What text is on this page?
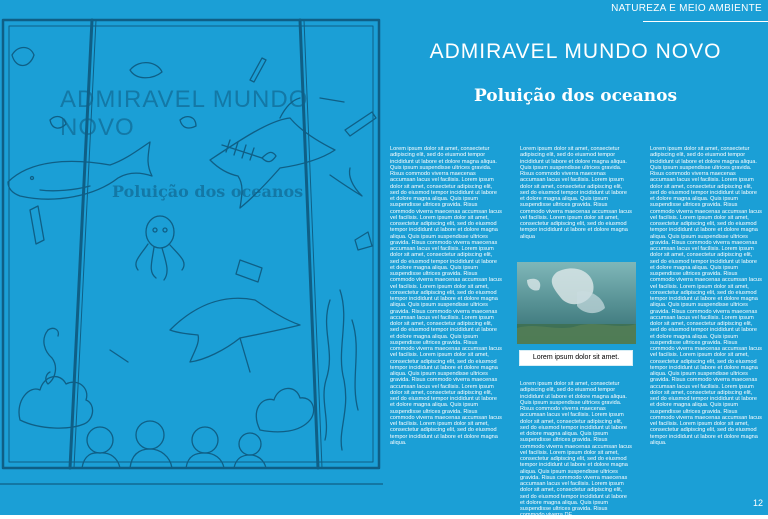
ADMIRAVEL MUNDO NOVO
Poluição dos oceanos
NATUREZA E MEIO AMBIENTE
ADMIRAVEL MUNDO NOVO
Poluição dos oceanos
Lorem ipsum dolor sit amet, consectetur adipiscing elit, sed do eiusmod tempor incididunt ut labore et dolore magna aliqua. Quis ipsum suspendisse ultrices gravida. Risus commodo viverra maecenas accumsan lacus vel facilisis. Lorem ipsum dolor sit amet, consectetur adipiscing elit, sed do eiusmod tempor incididunt ut labore et dolore magna aliqua. Quis ipsum suspendisse ultrices gravida. Risus commodo viverra maecenas accumsan lacus vel facilisis. Lorem ipsum dolor sit amet, consectetur adipiscing elit, sed do eiusmod tempor incididunt ut labore et dolore magna aliqua. Quis ipsum suspendisse ultrices gravida. Risus commodo viverra maecenas accumsan lacus vel facilisis. Lorem ipsum dolor sit amet, consectetur adipiscing elit, sed do eiusmod tempor incididunt ut labore et dolore magna aliqua. Quis ipsum suspendisse ultrices gravida. Risus commodo viverra maecenas accumsan lacus vel facilisis. Lorem ipsum dolor sit amet, consectetur adipiscing elit, sed do eiusmod tempor incididunt ut labore et dolore magna aliqua. Quis ipsum suspendisse ultrices gravida. Risus commodo viverra maecenas accumsan lacus vel facilisis. Lorem ipsum dolor sit amet, consectetur adipiscing elit, sed do eiusmod tempor incididunt ut labore et dolore magna aliqua. Quis ipsum suspendisse ultrices gravida. Risus commodo viverra maecenas accumsan lacus vel facilisis. Lorem ipsum dolor sit amet, consectetur adipiscing elit, sed do eiusmod tempor incididunt ut labore et dolore magna aliqua. Quis ipsum suspendisse ultrices gravida. Risus commodo viverra maecenas accumsan lacus vel facilisis. Lorem ipsum dolor sit amet, consectetur adipiscing elit, sed do eiusmod tempor incididunt ut labore et dolore magna aliqua. Quis ipsum suspendisse ultrices gravida. Risus commodo viverra maecenas accumsan lacus vel facilisis. Lorem ipsum dolor sit amet, consectetur adipiscing elit, sed do eiusmod tempor incididunt ut labore et dolore magna aliqua.
Lorem ipsum dolor sit amet, consectetur adipiscing elit, sed do eiusmod tempor incididunt ut labore et dolore magna aliqua. Quis ipsum suspendisse ultrices gravida. Risus commodo viverra maecenas accumsan lacus vel facilisis. Lorem ipsum dolor sit amet, consectetur adipiscing elit, sed do eiusmod tempor incididunt ut labore et dolore magna aliqua. Quis ipsum suspendisse ultrices gravida. Risus commodo viverra maecenas accumsan lacus vel facilisis. Lorem ipsum dolor sit amet, consectetur adipiscing elit, sed do eiusmod tempor incididunt ut labore et dolore magna aliqua
Lorem ipsum dolor sit amet.
Lorem ipsum dolor sit amet, consectetur adipiscing elit, sed do eiusmod tempor incididunt ut labore et dolore magna aliqua. Quis ipsum suspendisse ultrices gravida. Risus commodo viverra maecenas accumsan lacus vel facilisis. Lorem ipsum dolor sit amet, consectetur adipiscing elit, sed do eiusmod tempor incididunt ut labore et dolore magna aliqua. Quis ipsum suspendisse ultrices gravida. Risus commodo viverra maecenas accumsan lacus vel facilisis. Lorem ipsum dolor sit amet, consectetur adipiscing elit, sed do eiusmod tempor incididunt ut labore et dolore magna aliqua. Quis ipsum suspendisse ultrices gravida. Risus commodo viverra maecenas accumsan lacus vel facilisis. Lorem ipsum dolor sit amet, consectetur adipiscing elit, sed do eiusmod tempor incididunt ut labore et dolore magna aliqua. Quis ipsum suspendisse ultrices gravida. Risus commodo viverra DE.
Lorem ipsum dolor sit amet, consectetur adipiscing elit, sed do eiusmod tempor incididunt ut labore et dolore magna aliqua. Quis ipsum suspendisse ultrices gravida. Risus commodo viverra maecenas accumsan lacus vel facilisis. Lorem ipsum dolor sit amet, consectetur adipiscing elit, sed do eiusmod tempor incididunt ut labore et dolore magna aliqua. Quis ipsum suspendisse ultrices gravida. Risus commodo viverra maecenas accumsan lacus vel facilisis. Lorem ipsum dolor sit amet, consectetur adipiscing elit, sed do eiusmod tempor incididunt ut labore et dolore magna aliqua. Quis ipsum suspendisse ultrices gravida. Risus commodo viverra maecenas accumsan lacus vel facilisis. Lorem ipsum dolor sit amet, consectetur adipiscing elit, sed do eiusmod tempor incididunt ut labore et dolore magna aliqua. Quis ipsum suspendisse ultrices gravida. Risus commodo viverra maecenas accumsan lacus vel facilisis. Lorem ipsum dolor sit amet, consectetur adipiscing elit, sed do eiusmod tempor incididunt ut labore et dolore magna aliqua. Quis ipsum suspendisse ultrices gravida. Risus commodo viverra maecenas accumsan lacus vel facilisis. Lorem ipsum dolor sit amet, consectetur adipiscing elit, sed do eiusmod tempor incididunt ut labore et dolore magna aliqua. Quis ipsum suspendisse ultrices gravida. Risus commodo viverra maecenas accumsan lacus vel facilisis. Lorem ipsum dolor sit amet, consectetur adipiscing elit, sed do eiusmod tempor incididunt ut labore et dolore magna aliqua. Quis ipsum suspendisse ultrices gravida. Risus commodo viverra maecenas accumsan lacus vel facilisis. Lorem ipsum dolor sit amet, consectetur adipiscing elit, sed do eiusmod tempor incididunt ut labore et dolore magna aliqua. Quis ipsum suspendisse ultrices gravida. Risus commodo viverra maecenas accumsan lacus vel facilisis. Lorem ipsum dolor sit amet, consectetur adipiscing elit, sed do eiusmod tempor incididunt ut labore et dolore magna aliqua.
12
